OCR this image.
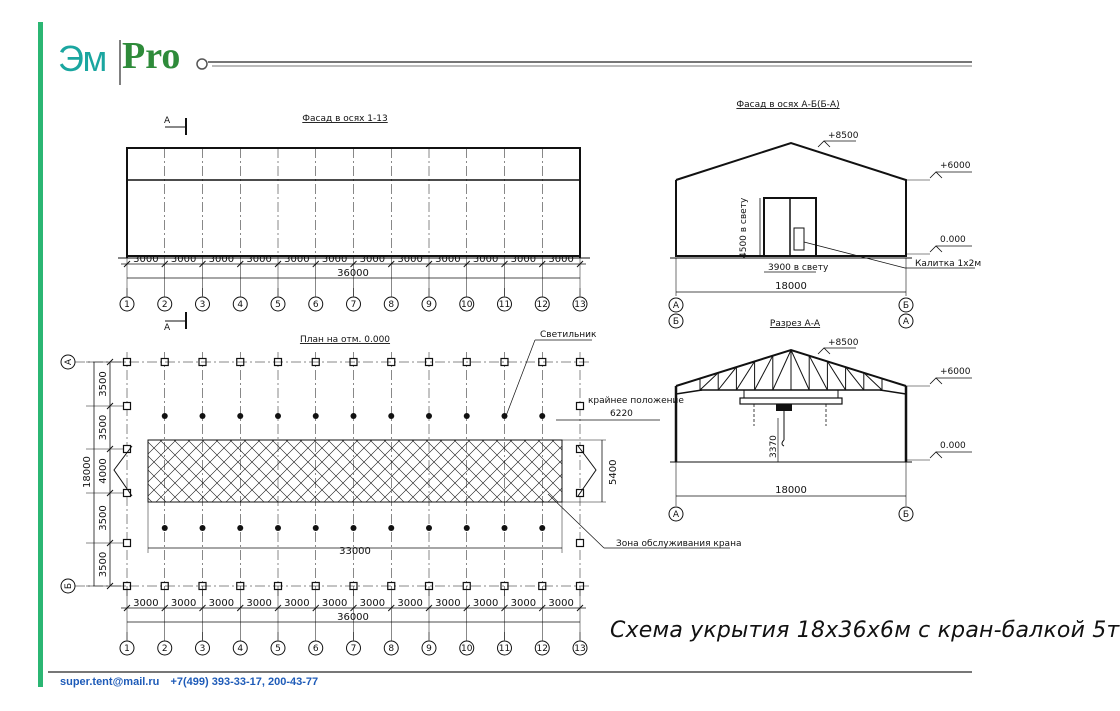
Фасад в осях 1-13
А
А
3000 3000 3000 3000 3000 3000 3000 3000 3000 3000 3000 3000
36000
1	2	3	4	5	6	7	8	9	10	11	12	13
Фасад в осях А-Б(Б-А)
Калитка 1х2м
4500 в свету
3900 в свету
18000
А
Б
Б
А
+8500
+6000
0.000
План на отм. 0.000	Светильник
33000
5400
крайнее положение
6220
Зона обслуживания крана
3500
3500
4000
3500
3500
18000
А
Б
3000 3000 3000 3000 3000 3000 3000 3000 3000 3000 3000 3000
36000
1	2	3	4	5	6	7	8	9	10	11	12	13
Разрез А-А
3370
18000
А	Б
+8500
+6000
0.000
Эм Pro
Схема укрытия 18х36х6м с кран-балкой 5т
super.tent@mail.ru +7(499) 393-33-17, 200-43-77
